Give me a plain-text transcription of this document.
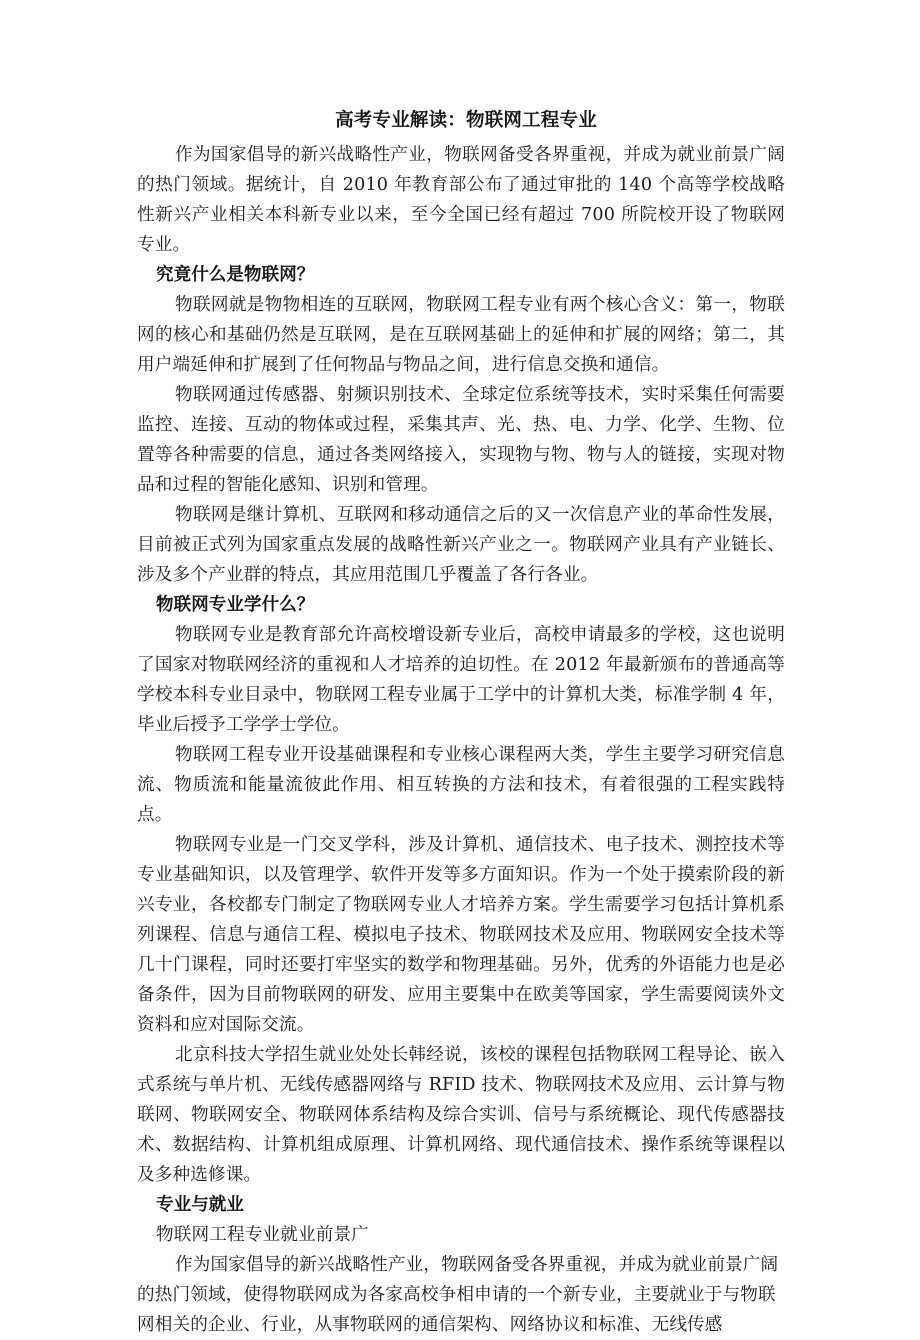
高考专业解读：物联网工程专业

作为国家倡导的新兴战略性产业，物联网备受各界重视，并成为就业前景广阔的热门领域。据统计，自 2010 年教育部公布了通过审批的 140 个高等学校战略性新兴产业相关本科新专业以来，至今全国已经有超过 700 所院校开设了物联网专业。

究竟什么是物联网？

物联网就是物物相连的互联网，物联网工程专业有两个核心含义：第一，物联网的核心和基础仍然是互联网，是在互联网基础上的延伸和扩展的网络；第二，其用户端延伸和扩展到了任何物品与物品之间，进行信息交换和通信。

物联网通过传感器、射频识别技术、全球定位系统等技术，实时采集任何需要监控、连接、互动的物体或过程，采集其声、光、热、电、力学、化学、生物、位置等各种需要的信息，通过各类网络接入，实现物与物、物与人的链接，实现对物品和过程的智能化感知、识别和管理。

物联网是继计算机、互联网和移动通信之后的又一次信息产业的革命性发展，目前被正式列为国家重点发展的战略性新兴产业之一。物联网产业具有产业链长、涉及多个产业群的特点，其应用范围几乎覆盖了各行各业。

物联网专业学什么？

物联网专业是教育部允许高校增设新专业后，高校申请最多的学校，这也说明了国家对物联网经济的重视和人才培养的迫切性。在 2012 年最新颁布的普通高等学校本科专业目录中，物联网工程专业属于工学中的计算机大类，标准学制 4 年，毕业后授予工学学士学位。

物联网工程专业开设基础课程和专业核心课程两大类，学生主要学习研究信息流、物质流和能量流彼此作用、相互转换的方法和技术，有着很强的工程实践特点。

物联网专业是一门交叉学科，涉及计算机、通信技术、电子技术、测控技术等专业基础知识，以及管理学、软件开发等多方面知识。作为一个处于摸索阶段的新兴专业，各校都专门制定了物联网专业人才培养方案。学生需要学习包括计算机系列课程、信息与通信工程、模拟电子技术、物联网技术及应用、物联网安全技术等几十门课程，同时还要打牢坚实的数学和物理基础。另外，优秀的外语能力也是必备条件，因为目前物联网的研发、应用主要集中在欧美等国家，学生需要阅读外文资料和应对国际交流。

北京科技大学招生就业处处长韩经说，该校的课程包括物联网工程导论、嵌入式系统与单片机、无线传感器网络与 RFID 技术、物联网技术及应用、云计算与物联网、物联网安全、物联网体系结构及综合实训、信号与系统概论、现代传感器技术、数据结构、计算机组成原理、计算机网络、现代通信技术、操作系统等课程以及多种选修课。

专业与就业

物联网工程专业就业前景广

作为国家倡导的新兴战略性产业，物联网备受各界重视，并成为就业前景广阔的热门领域，使得物联网成为各家高校争相申请的一个新专业，主要就业于与物联网相关的企业、行业，从事物联网的通信架构、网络协议和标准、无线传感
